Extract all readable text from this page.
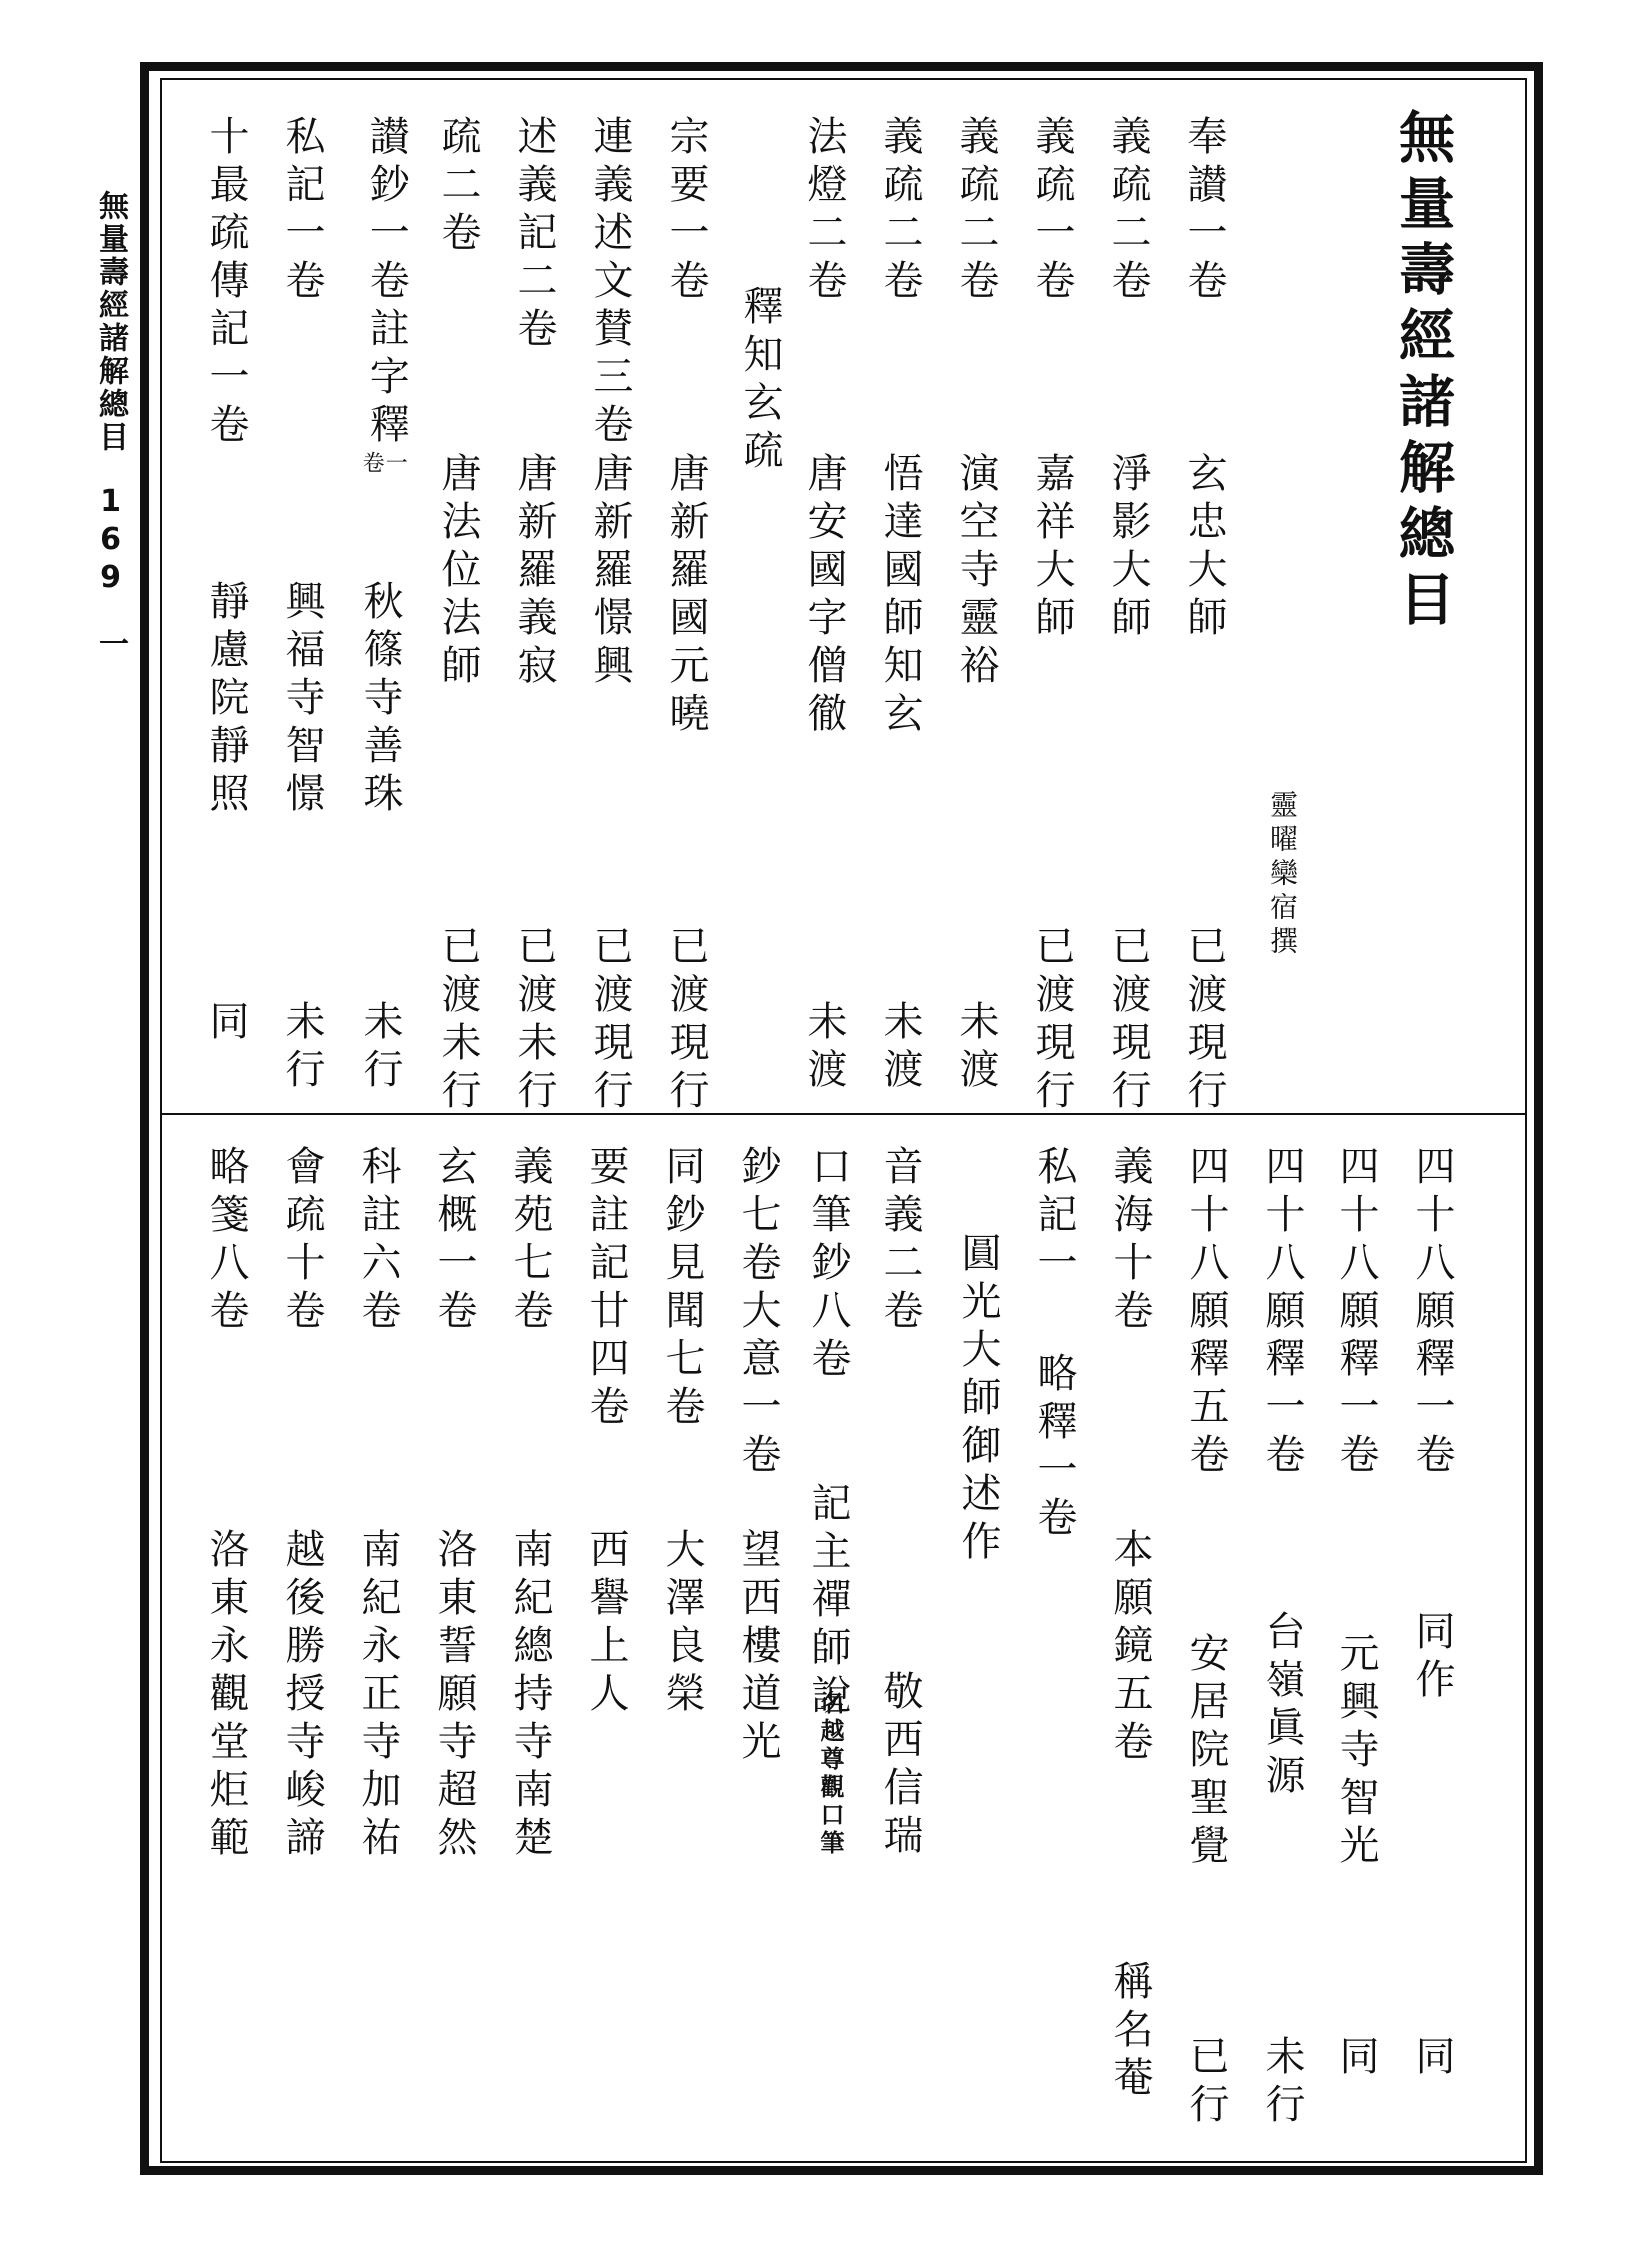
無量壽經諸解總目169一
無量壽經諸解總目
奉讃一卷
玄忠大師
已渡現行
靈曜欒宿撰
義疏二卷
淨影大師
已渡現行
義疏一卷
嘉祥大師
已渡現行
義疏二卷
演空寺靈裕
未渡
義疏二卷
悟達國師知玄
未渡
法燈二卷
唐安國字僧徹
未渡
釋知玄疏
宗要一卷
唐新羅國元曉
已渡現行
連義述文賛三卷
唐新羅憬興
已渡現行
述義記二卷
唐新羅義寂
已渡未行
疏二卷
唐法位法師
已渡未行
讃鈔一卷註字釋
一
卷
秋篠寺善珠
未行
私記一卷
興福寺智憬
未行
十最疏傳記一卷
靜慮院靜照
同
四十八願釋一卷
同作
同
四十八願釋一卷
元興寺智光
同
四十八願釋一卷
台嶺眞源
未行
四十八願釋五卷
安居院聖覺
已行
義海十卷
本願鏡五卷
稱名菴
私記一
略釋一卷
圓光大師御述作
音義二卷
敬西信瑞
口筆鈔八卷
記主禪師說
名越尊觀口筆
鈔七卷大意一卷
望西樓道光
同鈔見聞七卷
大澤良榮
要註記廿四卷
西譽上人
義苑七卷
南紀總持寺南楚
玄概一卷
洛東誓願寺超然
科註六卷
南紀永正寺加祐
會疏十卷
越後勝授寺峻諦
略箋八卷
洛東永觀堂炬範
